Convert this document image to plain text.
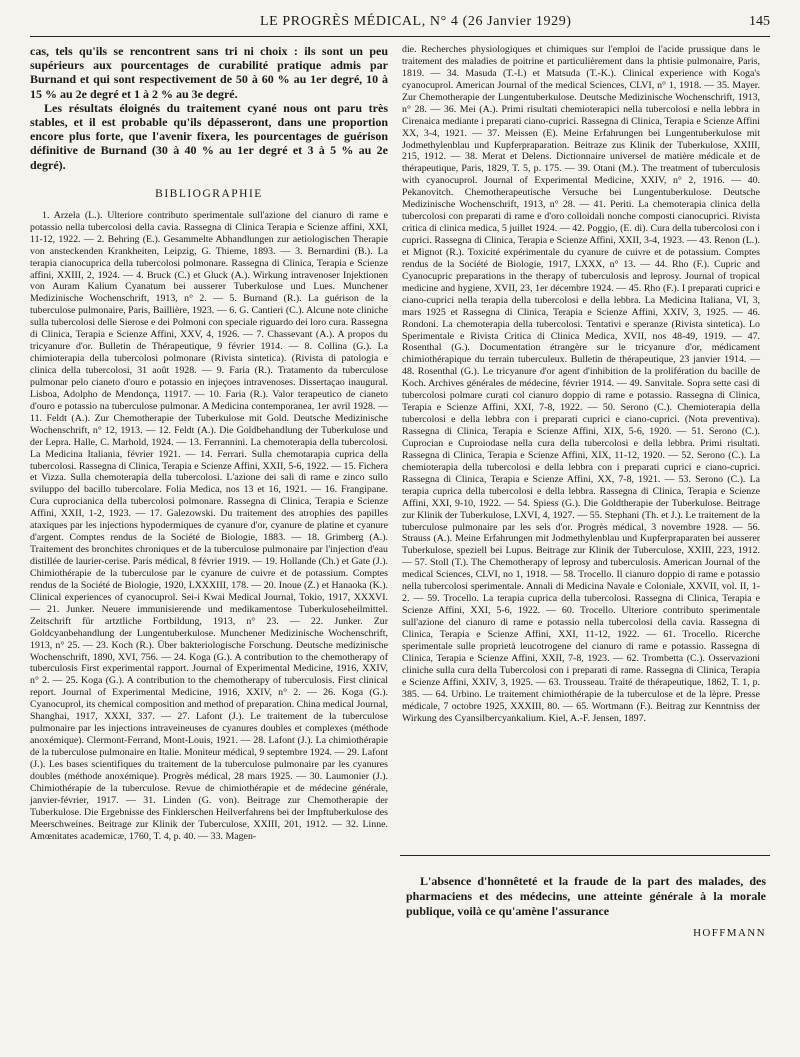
LE PROGRÈS MÉDICAL, N° 4 (26 Janvier 1929)	145

cas, tels qu'ils se rencontrent sans tri ni choix : ils sont un peu supérieurs aux pourcentages de curabilité pratique admis par Burnand et qui sont respectivement de 50 à 60 % au 1er degré, 10 à 15 % au 2e degré et 1 à 2 % au 3e degré.

Les résultats éloignés du traitement cyané nous ont paru très stables, et il est probable qu'ils dépasseront, dans une proportion encore plus forte, que l'avenir fixera, les pourcentages de guérison définitive de Burnand (30 à 40 % au 1er degré et 3 à 5 % au 2e degré).

BIBLIOGRAPHIE

1. Arzela (L.). Ulteriore contributo sperimentale sull'azione del cianuro di rame e potassio nella tubercolosi della cavia. Rassegna di Clinica Terapia e Scienze affini, XXI, 11-12, 1922. — 2. Behring (E.). Gesammelte Abhandlungen zur aetiologischen Therapie von ansteckenden Krankheiten, Leipzig, G. Thieme, 1893. — 3. Bernardini (B.). La terapia cianocuprica della tubercolosi polmonare. Rassegna di Clinica, Terapia e Scienze affini, XXIII, 2, 1924. — 4. Bruck (C.) et Gluck (A.). Wirkung intravenoser Injektionen von Auram Kalium Cyanatum bei ausserer Tuberkulose und Lues. Munchener Medizinische Wochenschrift, 1913, n° 2. — 5. Burnand (R.). La guérison de la tuberculose pulmonaire, Paris, Baillière, 1923. — 6. G. Cantieri (C.). Alcune note cliniche sulla tubercolosi delle Sierose e dei Polmoni con speciale riguardo dei loro cura. Rassegna di Clinica, Terapia e Scienze Affini, XXV, 4, 1926. — 7. Chassevant (A.). A propos du tricyanure d'or. Bulletin de Thérapeutique, 9 février 1914. — 8. Collina (G.). La chimioterapia della tubercolosi polmonare (Rivista sintetica). (Rivista di patologia e clinica della tubercolosi, 31 août 1928. — 9. Faria (R.). Tratamento da tuberculose pulmonar pelo cianeto d'ouro e potassio en injeçoes intravenoses. Dissertaçao inaugural. Lisboa, Adolpho de Mendonça, 11917. — 10. Faria (R.). Valor terapeutico de cianeto d'ouro e potassio na tuberculose pulmonar. A Medicina contemporanea, 1er avril 1928. — 11. Feldt (A.). Zur Chemotherapie der Tuberkulose mit Gold. Deutsche Medizinische Wochenschrift, n° 12, 1913. — 12. Feldt (A.). Die Goldbehandlung der Tuberkulose und der Lepra. Halle, C. Marhold, 1924. — 13. Ferrannini. La chemoterapia della tubercolosi. La Medicina Italiania, février 1921. — 14. Ferrari. Sulla chemotarapia cuprica della tubercolosi. Rassegna di Clinica, Terapia e Scienze Affini, XXII, 5-6, 1922. — 15. Fichera et Vizza. Sulla chemoterapia della tubercolosi. L'azione dei sali di rame e zinco sullo sviluppo del bacillo tubercolare. Folia Medica, nos 13 et 16, 1921. — 16. Frangipane. Cura cuprocianica della tubercolosi polmonare. Rassegna di Clinica, Terapia e Scienze Affini, XXII, 1-2, 1923. — 17. Galezowski. Du traitement des atrophies des papilles ataxiques par les injections hypodermiques de cyanure d'or, cyanure de platine et cyanure d'argent. Comptes rendus de la Société de Biologie, 1883. — 18. Grimberg (A.). Traitement des bronchites chroniques et de la tuberculose pulmonaire par l'injection d'eau distillée de laurier-cerise. Paris médical, 8 février 1919. — 19. Hollande (Ch.) et Gate (J.). Chimiothérapie de la tuberculose par le cyanure de cuivre et de potassium. Comptes rendus de la Société de Biologie, 1920, LXXXIII, 178. — 20. Inoue (Z.) et Hanaoka (K.). Clinical experiences of cyanocuprol. Sei-i Kwai Medical Journal, Tokio, 1917, XXXVI. — 21. Junker. Neuere immunisierende und medikamentose Tuberkuloseheilmittel. Zeitschrift für artztliche Fortbildung, 1913, n° 23. — 22. Junker. Zur Goldcyanbehandlung der Lungentuberkulose. Munchener Medizinische Wochenschrift, 1913, n° 25. — 23. Koch (R.). Über bakteriologische Forschung. Deutsche medizinische Wochenschrift, 1890, XVI, 756. — 24. Koga (G.). A contribution to the chemotherapy of tuberculosis First experimental rapport. Journal of Experimental Medicine, 1916, XXIV, n° 2. — 25. Koga (G.). A contribution to the chemotherapy of tuberculosis. First clinical report. Journal of Experimental Medicine, 1916, XXIV, n° 2. — 26. Koga (G.). Cyanocuprol, its chemical composition and method of preparation. China medical Journal, Shanghai, 1917, XXXI, 337. — 27. Lafont (J.). Le traitement de la tuberculose pulmonaire par les injections intraveineuses de cyanures doubles et complexes (méthode anoxémique). Clermont-Ferrand, Mont-Louis, 1921. — 28. Lafont (J.). La chimiothérapie de la tuberculose pulmonaire en Italie. Moniteur médical, 9 septembre 1924. — 29. Lafont (J.). Les bases scientifiques du traitement de la tuberculose pulmonaire par les cyanures doubles (méthode anoxémique). Progrès médical, 28 mars 1925. — 30. Laumonier (J.). Chimiothérapie de la tuberculose. Revue de chimiothérapie et de médecine générale, janvier-février, 1917. — 31. Linden (G. von). Beitrage zur Chemotherapie der Tuberkulose. Die Ergebnisse des Finklerschen Heilverfahrens bei der Impftuberkulose des Meerschweines. Beitrage zur Klinik der Tuberculose, XXIII, 201, 1912. — 32. Linne. Amœnitates academicæ, 1760, T. 4, p. 40. — 33. Magen-

die. Recherches physiologiques et chimiques sur l'emploi de l'acide prussique dans le traitement des maladies de poitrine et particulièrement dans la phtisie pulmonaire, Paris, 1819. — 34. Masuda (T.-I.) et Matsuda (T.-K.). Clinical experience with Koga's cyanocuprol. American Journal of the medical Sciences, CLVI, n° 1, 1918. — 35. Mayer. Zur Chemotherapie der Lungentuberkulose. Deutsche Medizinische Wochenschrift, 1913, n° 28. — 36. Mei (A.). Primi risultati chemioterapici nella tubercolosi e nella lebbra in Cirenaica mediante i preparati ciano-cuprici. Rassegna di Clinica, Terapia e Scienze Affini XX, 3-4, 1921. — 37. Meissen (E). Meine Erfahrungen bei Lungentuberkulose mit Jodmethylenblau und Kupferpraparation. Beitraze zus Klinik der Tuberkulose, XXIII, 215, 1912. — 38. Merat et Delens. Dictionnaire universel de matière médicale et de thérapeutique, Paris, 1829, T. 5, p. 175. — 39. Otani (M.). The treatment of tuberculosis with cyanocuprol. Journal of Experimental Medicine, XXIV, n° 2, 1916. — 40. Pekanovitch. Chemotherapeutische Versuche bei Lungentuberkulose. Deutsche Medizinische Wochenschrift, 1913, n° 28. — 41. Periti. La chemoterapia clinica della tubercolosi con preparati di rame e d'oro colloidali nonche composti cianocuprici. Rivista critica di clinica medica, 5 juillet 1924. — 42. Poggio, (E. di). Cura della tubercolosi con i cuprici. Rassegna di Clinica, Terapia e Scienze Affini, XXII, 3-4, 1923. — 43. Renon (L.). et Mignot (R.). Toxicité expérimentale du cyanure de cuivre et de potassium. Comptes rendus de la Société de Biologie, 1917, LXXX, n° 13. — 44. Rho (F.). Cupric and Cyanocupric preparations in the therapy of tuberculosis and leprosy. Journal of tropical medicine and hygiene, XVII, 23, 1er décembre 1924. — 45. Rho (F.). I preparati cuprici e ciano-cuprici nella terapia della tubercolosi e della lebbra. La Medicina Italiana, VI, 3, mars 1925 et Rassegna di Clinica, Terapia e Scienze Affini, XXIV, 3, 1925. — 46. Rondoni. La chemoterapia della tubercolosi. Tentativi e speranze (Rivista sintetica). Lo Sperimentale e Rivista Critica di Clinica Medica, XVII, nos 48-49, 1919. — 47. Rosenthal (G.). Documentation étrangère sur le tricyanure d'or, médicament chimiothérapique du terrain tuberculeux. Bulletin de thérapeutique, 23 janvier 1914. — 48. Rosenthal (G.). Le tricyanure d'or agent d'inhibition de la prolifération du bacille de Koch. Archives générales de médecine, février 1914. — 49. Sanvitale. Sopra sette casi di tubercolosi polmare curati col cianuro doppio di rame e potassio. Rassegna di Clinica, Terapia e Scienze Affini, XXI, 7-8, 1922. — 50. Serono (C.). Chemioterapia della tubercolosi e della lebbra con i preparati cuprici e ciano-cuprici. (Nota preventiva). Rassegna di Clinica, Terapia e Scienze Affini, XIX, 5-6, 1920. — 51. Serono (C.). Cuprocian e Cuproiodase nella cura della tubercolosi e della lebbra. Primi risultati. Rassegna di Clinica, Terapia e Scienze Affini, XIX, 11-12, 1920. — 52. Serono (C.). La chemioterapia della tubercolosi e della lebbra con i preparati cuprici e ciano-cuprici. Rassegna di Clinica, Terapia e Scienze Affini, XX, 7-8, 1921. — 53. Serono (C.). La terapia cuprica della tubercolosi e della lebbra. Rassegna di Clinica, Terapia e Scienze Affini, XXI, 9-10, 1922. — 54. Spiess (G.). Die Goldtherapie der Tuberkulose. Beitrage zur Klinik der Tuberkulose, LXVI, 4, 1927. — 55. Stephani (Th. et J.). Le traitement de la tuberculose pulmonaire par les sels d'or. Progrès médical, 3 novembre 1928. — 56. Strauss (A.). Meine Erfahrungen mit Jodmethylenblau und Kupferpraparaten bei ausserer Tuberkulose, speziell bei Lupus. Beitrage zur Klinik der Tuberculose, XXIII, 223, 1912. — 57. Stoll (T.). The Chemotherapy of leprosy and tuberculosis. American Journal of the medical Sciences, CLVI, no 1, 1918. — 58. Trocello. Il cianuro doppio di rame e potassio nella tubercolosi sperimentale. Annali di Medicina Navale e Coloniale, XXVII, vol. II, 1-2. — 59. Trocello. La terapia cuprica della tubercolosi. Rassegna di Clinica, Terapia e Scienze Affini, XXI, 5-6, 1922. — 60. Trocello. Ulteriore contributo sperimentale sull'azione del cianuro di rame e potassio nella tubercolosi della cavia. Rassegna di Clinica, Terapia e Scienze Affini, XXI, 11-12, 1922. — 61. Trocello. Ricerche sperimentale sulle proprietà leucotrogene del cianuro di rame e potassio. Rassegna di Clinica, Terapia e Scienze Affini, XXII, 7-8, 1923. — 62. Trombetta (C.). Osservazioni cliniche sulla cura della Tubercolosi con i preparati di rame. Rassegna di Clinica, Terapia e Scienze Affini, XXIV, 3, 1925. — 63. Trousseau. Traité de thérapeutique, 1862, T. 1, p. 385. — 64. Urbino. Le traitement chimiothérapie de la tuberculose et de la lèpre. Presse médicale, 7 octobre 1925, XXXIII, 80. — 65. Wortmann (F.). Beitrag zur Kenntniss der Wirkung des Cyansilbercyankalium. Kiel, A.-F. Jensen, 1897.

L'absence d'honnêteté et la fraude de la part des malades, des pharmaciens et des médecins, une atteinte générale à la morale publique, voilà ce qu'amène l'assurance

HOFFMANN
